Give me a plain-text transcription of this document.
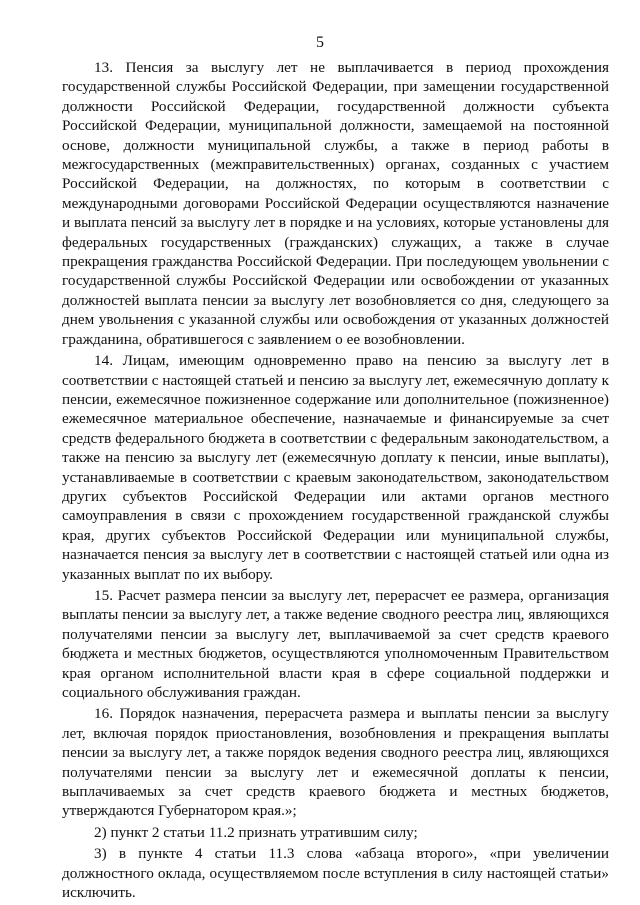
5

13. Пенсия за выслугу лет не выплачивается в период прохождения государственной службы Российской Федерации, при замещении государственной должности Российской Федерации, государственной должности субъекта Российской Федерации, муниципальной должности, замещаемой на постоянной основе, должности муниципальной службы, а также в период работы в межгосударственных (межправительственных) органах, созданных с участием Российской Федерации, на должностях, по которым в соответствии с международными договорами Российской Федерации осуществляются назначение и выплата пенсий за выслугу лет в порядке и на условиях, которые установлены для федеральных государственных (гражданских) служащих, а также в случае прекращения гражданства Российской Федерации. При последующем увольнении с государственной службы Российской Федерации или освобождении от указанных должностей выплата пенсии за выслугу лет возобновляется со дня, следующего за днем увольнения с указанной службы или освобождения от указанных должностей гражданина, обратившегося с заявлением о ее возобновлении.

14. Лицам, имеющим одновременно право на пенсию за выслугу лет в соответствии с настоящей статьей и пенсию за выслугу лет, ежемесячную доплату к пенсии, ежемесячное пожизненное содержание или дополнительное (пожизненное) ежемесячное материальное обеспечение, назначаемые и финансируемые за счет средств федерального бюджета в соответствии с федеральным законодательством, а также на пенсию за выслугу лет (ежемесячную доплату к пенсии, иные выплаты), устанавливаемые в соответствии с краевым законодательством, законодательством других субъектов Российской Федерации или актами органов местного самоуправления в связи с прохождением государственной гражданской службы края, других субъектов Российской Федерации или муниципальной службы, назначается пенсия за выслугу лет в соответствии с настоящей статьей или одна из указанных выплат по их выбору.

15. Расчет размера пенсии за выслугу лет, перерасчет ее размера, организация выплаты пенсии за выслугу лет, а также ведение сводного реестра лиц, являющихся получателями пенсии за выслугу лет, выплачиваемой за счет средств краевого бюджета и местных бюджетов, осуществляются уполномоченным Правительством края органом исполнительной власти края в сфере социальной поддержки и социального обслуживания граждан.

16. Порядок назначения, перерасчета размера и выплаты пенсии за выслугу лет, включая порядок приостановления, возобновления и прекращения выплаты пенсии за выслугу лет, а также порядок ведения сводного реестра лиц, являющихся получателями пенсии за выслугу лет и ежемесячной доплаты к пенсии, выплачиваемых за счет средств краевого бюджета и местных бюджетов, утверждаются Губернатором края.»;

2) пункт 2 статьи 11.2 признать утратившим силу;

3) в пункте 4 статьи 11.3 слова «абзаца второго», «при увеличении должностного оклада, осуществляемом после вступления в силу настоящей статьи» исключить.
